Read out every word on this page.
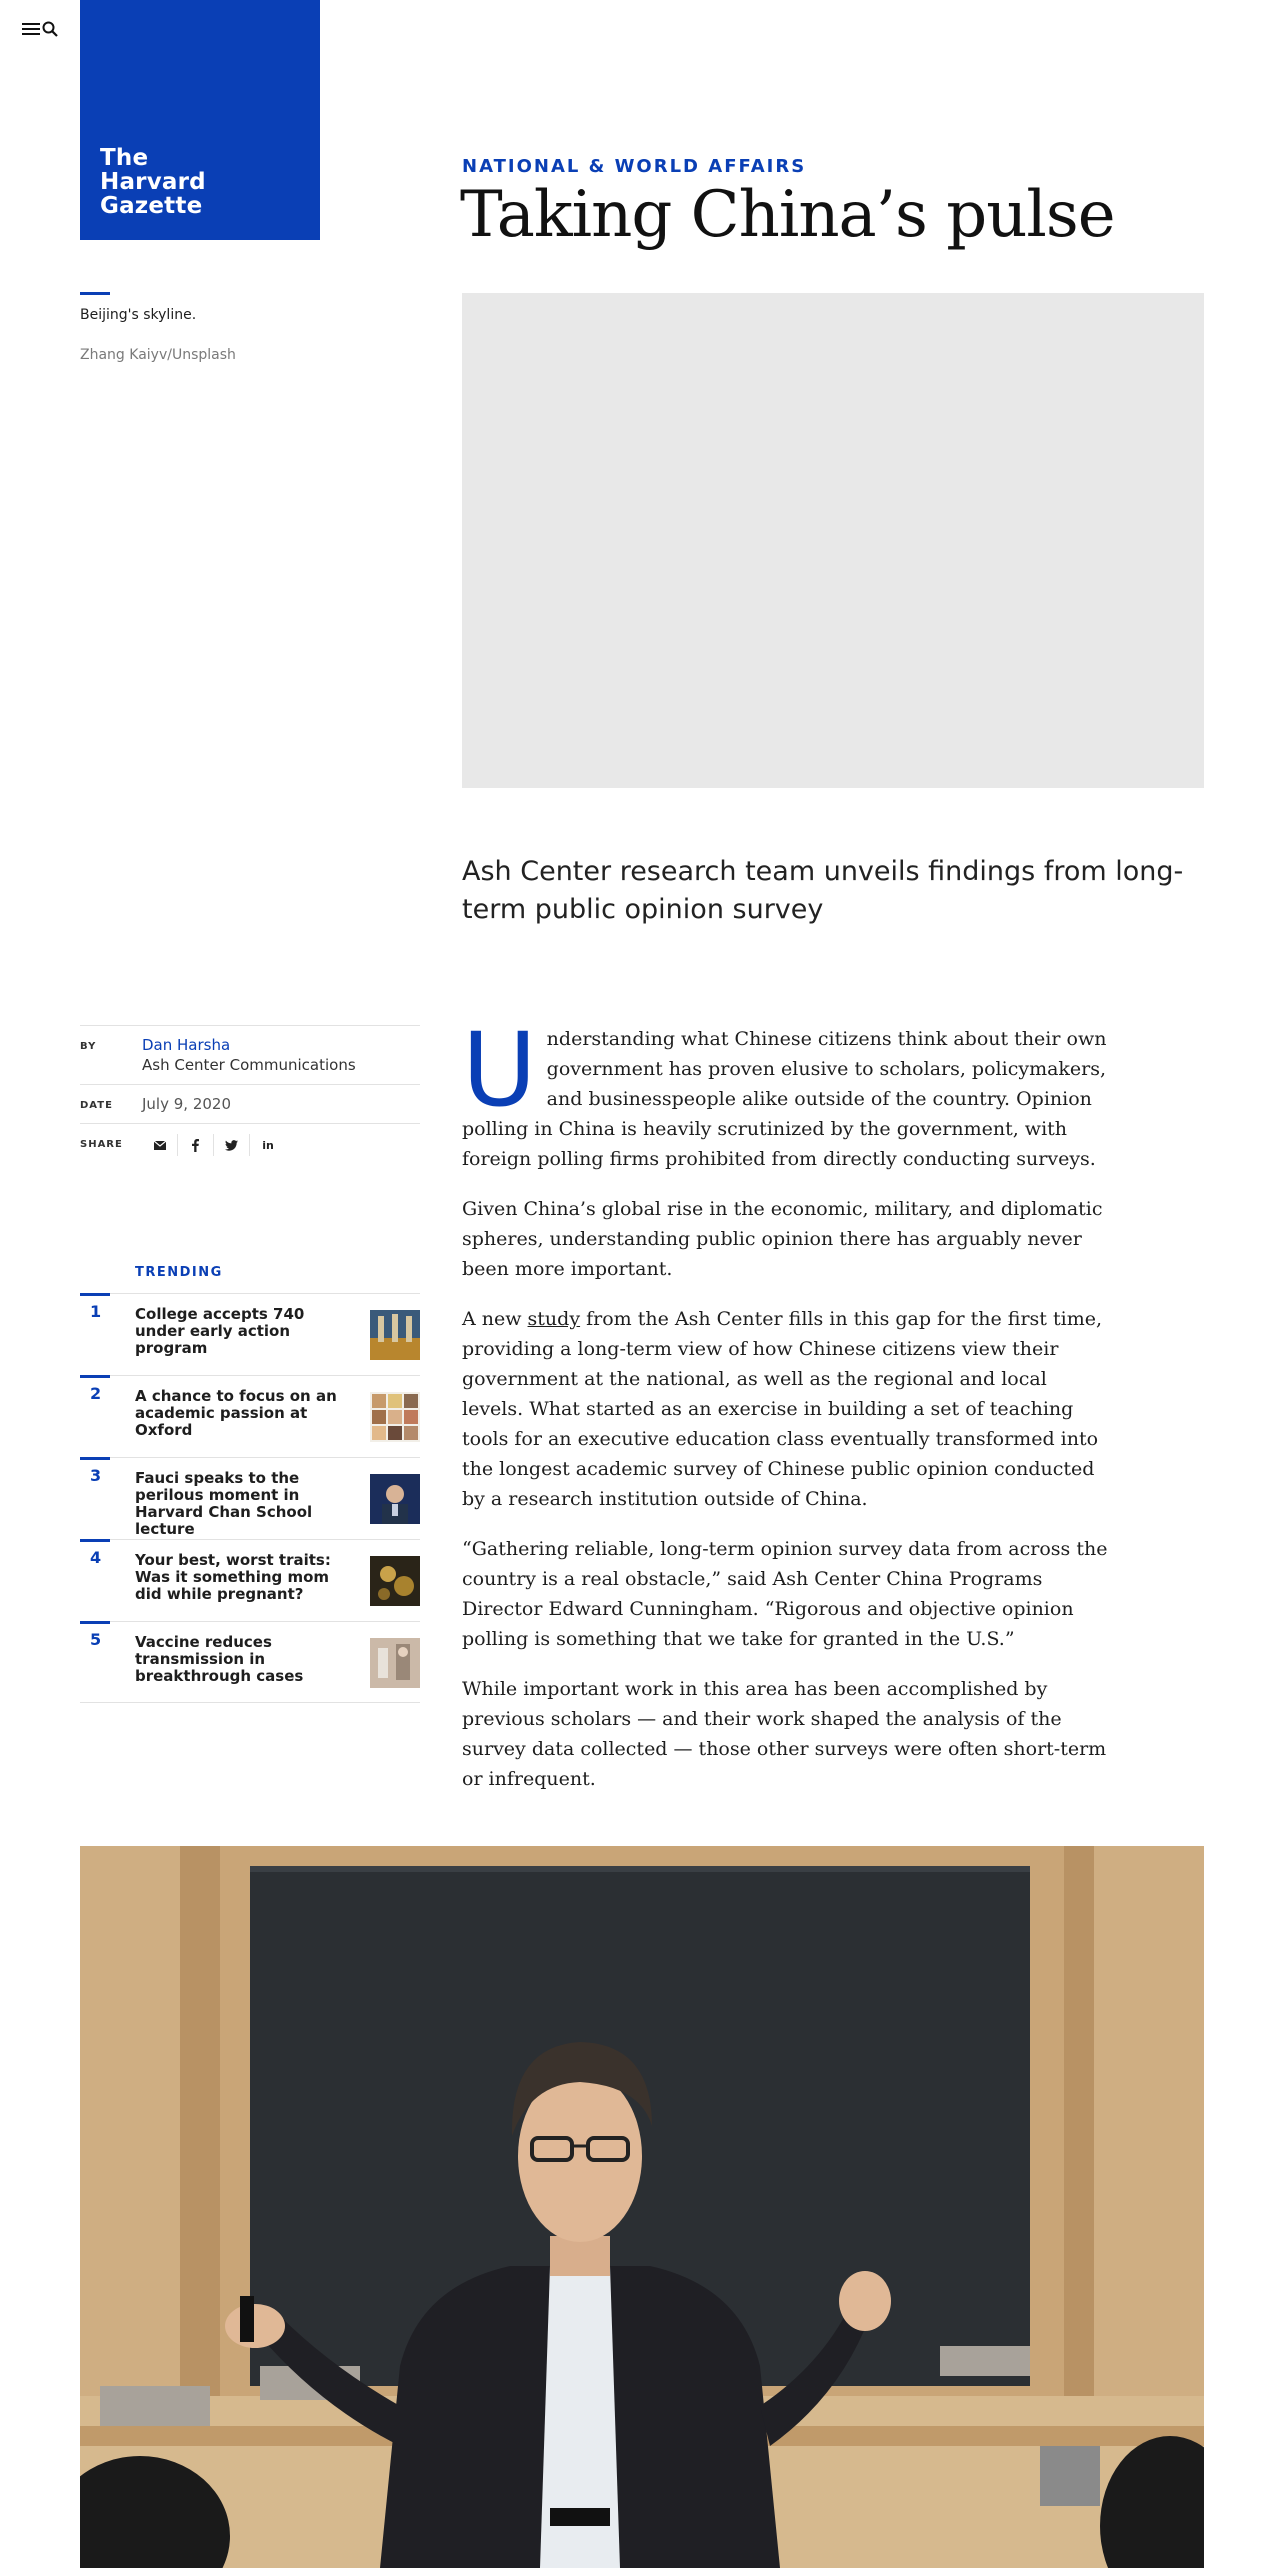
The
Harvard
Gazette
Beijing's skyline.
Zhang Kaiyv/Unsplash
NATIONAL & WORLD AFFAIRS
Taking China’s pulse
Ash Center research team unveils findings from long-term public opinion survey
BY	Dan Harsha
Ash Center Communications
DATE	July 9, 2020
SHARE	in
TRENDING
1 College accepts 740 under early action program
2 A chance to focus on an academic passion at Oxford
3 Fauci speaks to the perilous moment in Harvard Chan School lecture
4 Your best, worst traits: Was it something mom did while pregnant?
5 Vaccine reduces transmission in breakthrough cases

Understanding what Chinese citizens think about their own government has proven elusive to scholars, policymakers, and businesspeople alike outside of the country. Opinion polling in China is heavily scrutinized by the government, with foreign polling firms prohibited from directly conducting surveys.

Given China’s global rise in the economic, military, and diplomatic spheres, understanding public opinion there has arguably never been more important.

A new study from the Ash Center fills in this gap for the first time, providing a long-term view of how Chinese citizens view their government at the national, as well as the regional and local levels. What started as an exercise in building a set of teaching tools for an executive education class eventually transformed into the longest academic survey of Chinese public opinion conducted by a research institution outside of China.

“Gathering reliable, long-term opinion survey data from across the country is a real obstacle,” said Ash Center China Programs Director Edward Cunningham. “Rigorous and objective opinion polling is something that we take for granted in the U.S.”

While important work in this area has been accomplished by previous scholars — and their work shaped the analysis of the survey data collected — those other surveys were often short-term or infrequent.
